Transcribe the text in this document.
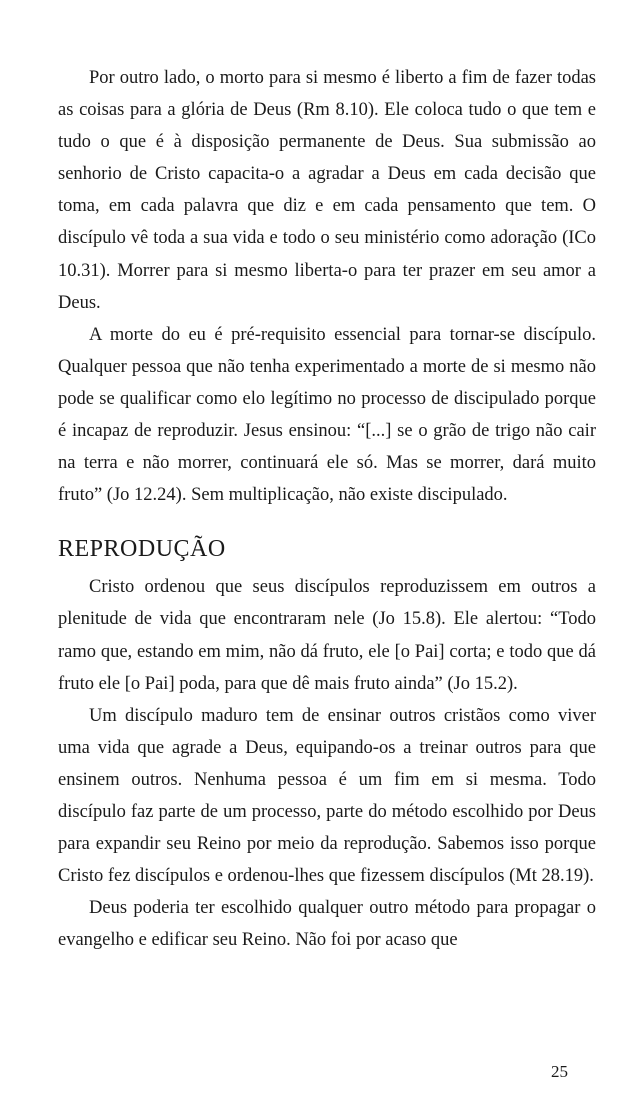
Por outro lado, o morto para si mesmo é liberto a fim de fazer todas as coisas para a glória de Deus (Rm 8.10). Ele coloca tudo o que tem e tudo o que é à disposição permanente de Deus. Sua submissão ao senhorio de Cristo capacita-o a agradar a Deus em cada decisão que toma, em cada palavra que diz e em cada pensamento que tem. O discípulo vê toda a sua vida e todo o seu ministério como adoração (ICo 10.31). Morrer para si mesmo liberta-o para ter prazer em seu amor a Deus.

A morte do eu é pré-requisito essencial para tornar-se discípulo. Qualquer pessoa que não tenha experimentado a morte de si mesmo não pode se qualificar como elo legítimo no processo de discipulado porque é incapaz de reproduzir. Jesus ensinou: “[...] se o grão de trigo não cair na terra e não morrer, continuará ele só. Mas se morrer, dará muito fruto” (Jo 12.24). Sem multiplicação, não existe discipulado.

REPRODUÇÃO

Cristo ordenou que seus discípulos reproduzissem em outros a plenitude de vida que encontraram nele (Jo 15.8). Ele alertou: “Todo ramo que, estando em mim, não dá fruto, ele [o Pai] corta; e todo que dá fruto ele [o Pai] poda, para que dê mais fruto ainda” (Jo 15.2).

Um discípulo maduro tem de ensinar outros cristãos como viver uma vida que agrade a Deus, equipando-os a treinar outros para que ensinem outros. Nenhuma pessoa é um fim em si mesma. Todo discípulo faz parte de um processo, parte do método escolhido por Deus para expandir seu Reino por meio da reprodução. Sabemos isso porque Cristo fez discípulos e ordenou-lhes que fizessem discípulos (Mt 28.19).

Deus poderia ter escolhido qualquer outro método para propagar o evangelho e edificar seu Reino. Não foi por acaso que

25
